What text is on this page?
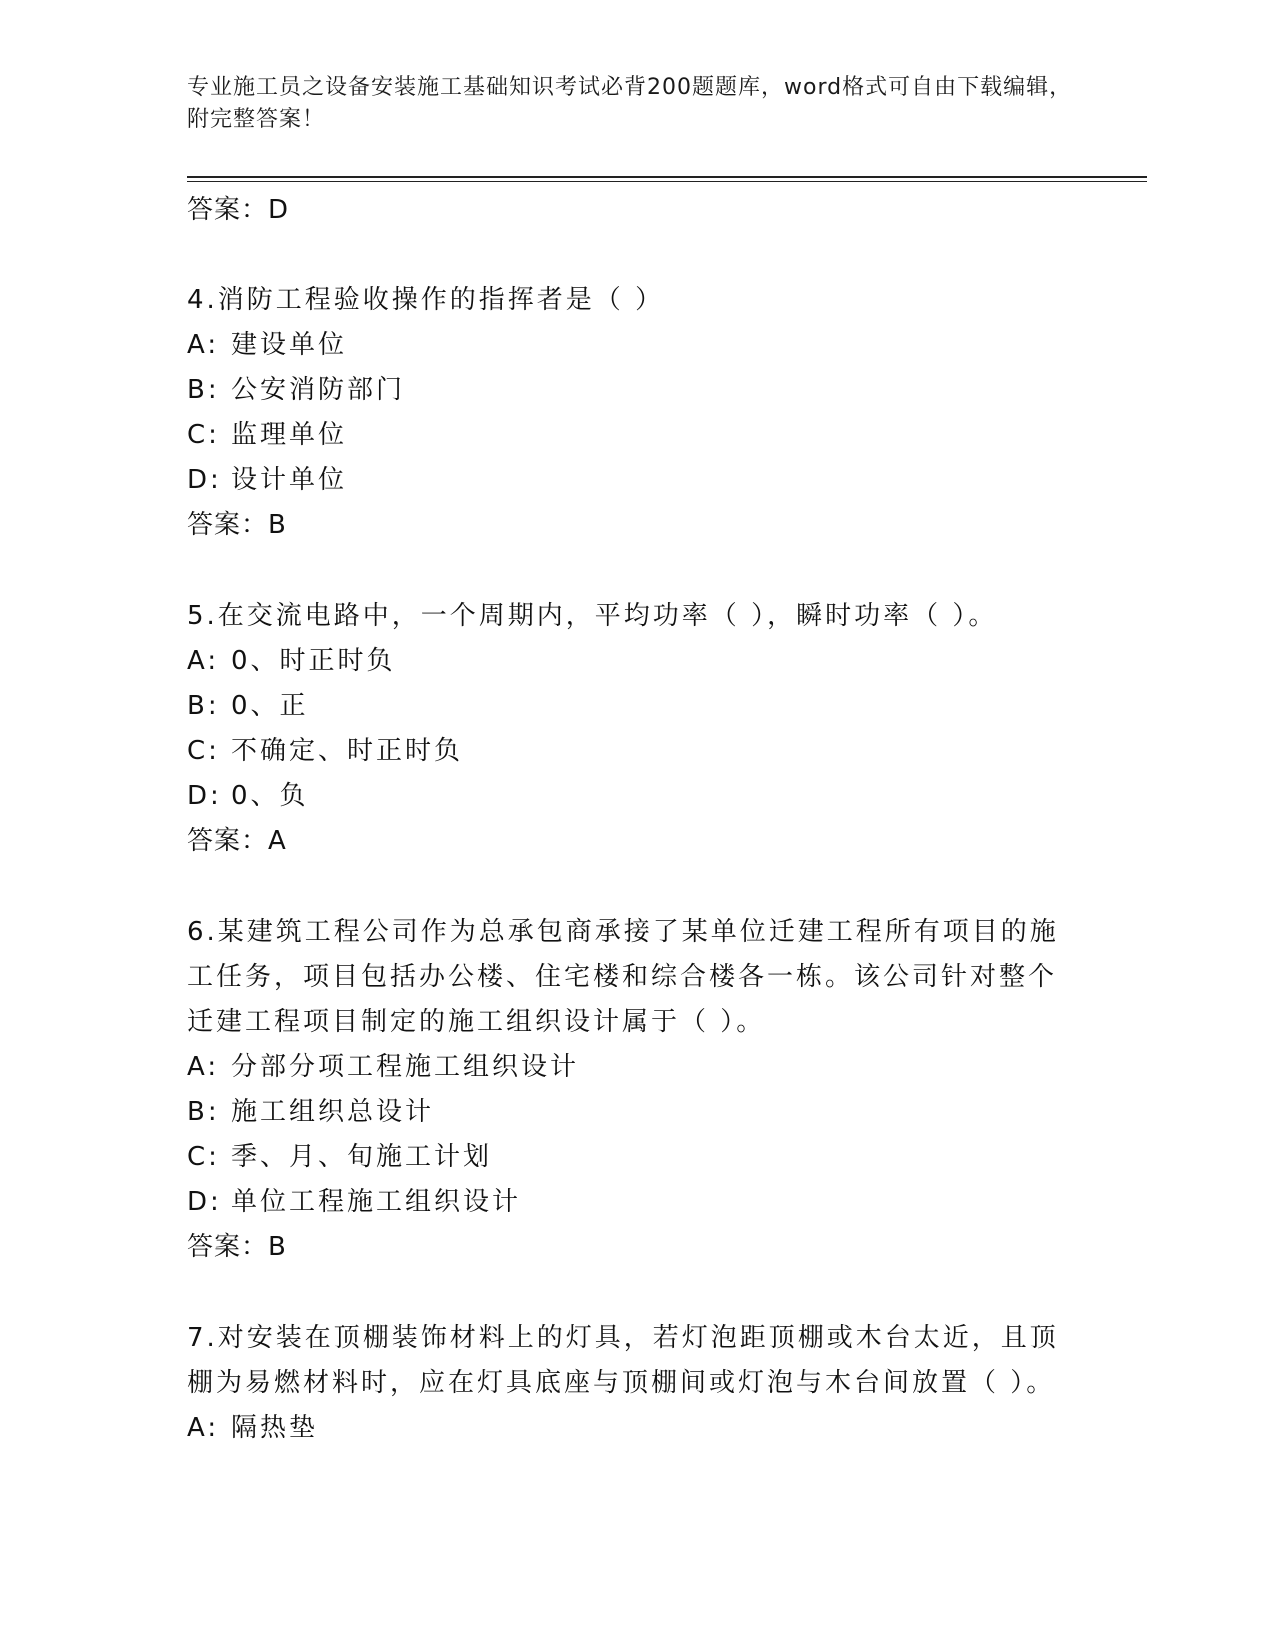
专业施工员之设备安装施工基础知识考试必背200题题库，word格式可自由下载编辑，附完整答案！
答案：D
4.消防工程验收操作的指挥者是（ ）
A: 建设单位
B: 公安消防部门
C: 监理单位
D: 设计单位
答案：B
5.在交流电路中，一个周期内，平均功率（ ），瞬时功率（ ）。
A: 0、时正时负
B: 0、正
C: 不确定、时正时负
D: 0、负
答案：A
6.某建筑工程公司作为总承包商承接了某单位迁建工程所有项目的施工任务，项目包括办公楼、住宅楼和综合楼各一栋。该公司针对整个迁建工程项目制定的施工组织设计属于（ ）。
A: 分部分项工程施工组织设计
B: 施工组织总设计
C: 季、月、旬施工计划
D: 单位工程施工组织设计
答案：B
7.对安装在顶棚装饰材料上的灯具，若灯泡距顶棚或木台太近，且顶棚为易燃材料时，应在灯具底座与顶棚间或灯泡与木台间放置（ ）。
A: 隔热垫
